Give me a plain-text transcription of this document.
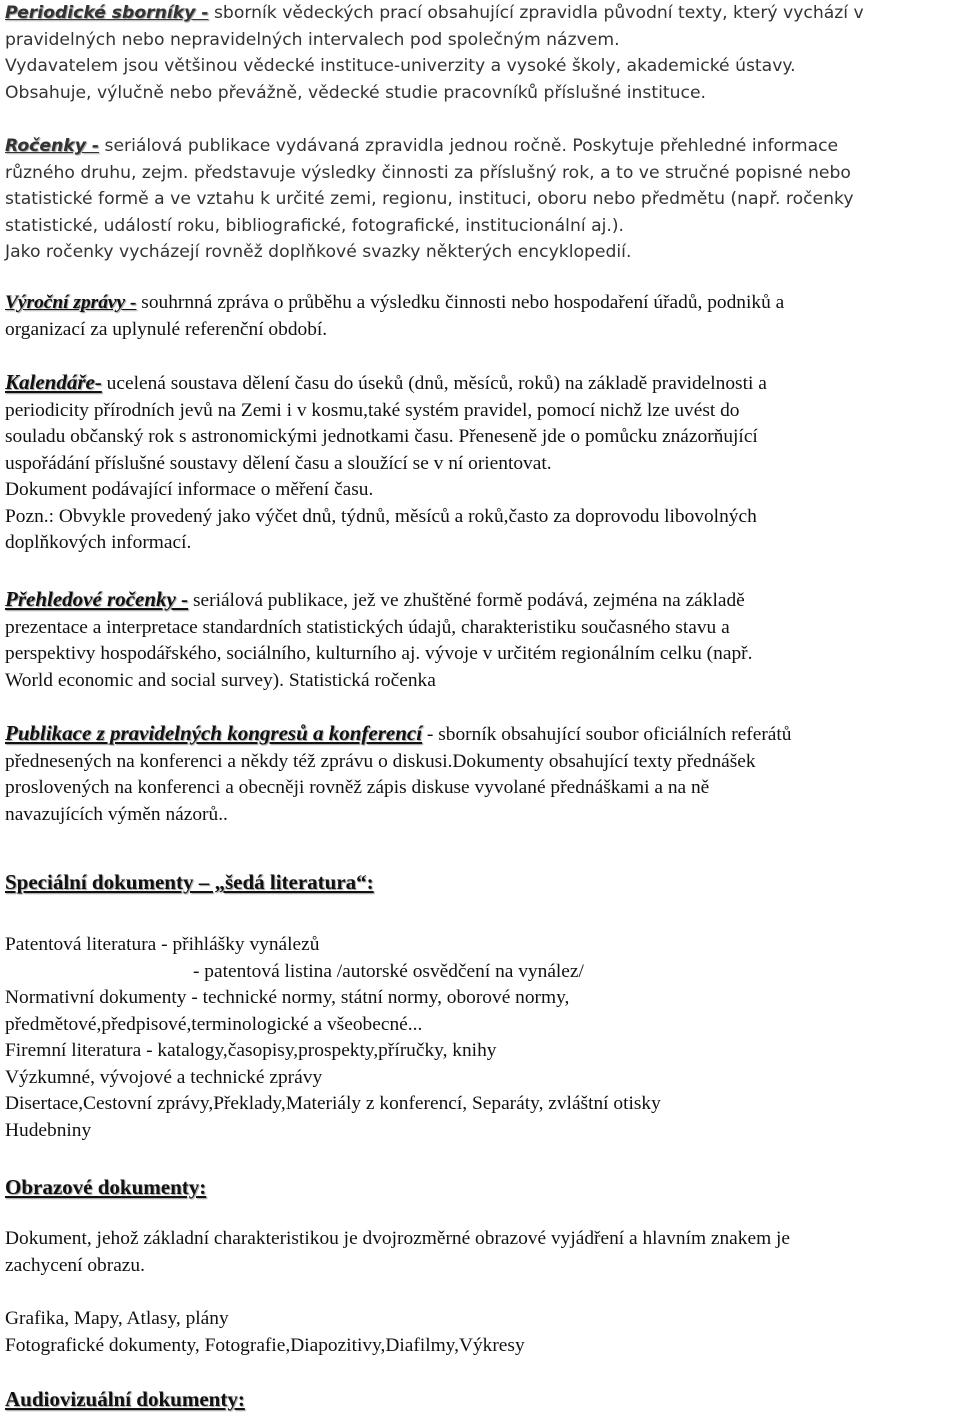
Periodické sborníky - sborník vědeckých prací obsahující zpravidla původní texty, který vychází v
pravidelných nebo nepravidelných intervalech pod společným názvem.
Vydavatelem jsou většinou vědecké instituce-univerzity a vysoké školy, akademické ústavy.
Obsahuje, výlučně nebo převážně, vědecké studie pracovníků příslušné instituce.
Ročenky - seriálová publikace vydávaná zpravidla jednou ročně. Poskytuje přehledné informace
různého druhu, zejm. představuje výsledky činnosti za příslušný rok, a to ve stručné popisné nebo
statistické formě a ve vztahu k určité zemi, regionu, instituci, oboru nebo předmětu (např. ročenky
statistické, událostí roku, bibliografické, fotografické, institucionální aj.).
Jako ročenky vycházejí rovněž doplňkové svazky některých encyklopedií.
Výroční zprávy - souhrnná zpráva o průběhu a výsledku činnosti nebo hospodaření úřadů, podniků a
organizací za uplynulé referenční období.
Kalendáře- ucelená soustava dělení času do úseků (dnů, měsíců, roků) na základě pravidelnosti a
periodicity přírodních jevů na Zemi i v kosmu,také systém pravidel, pomocí nichž lze uvést do
souladu občanský rok s astronomickými jednotkami času. Přeneseně jde o pomůcku znázorňující
uspořádání příslušné soustavy dělení času a sloužící se v ní orientovat.
Dokument podávající informace o měření času.
Pozn.: Obvykle provedený jako výčet dnů, týdnů, měsíců a roků,často za doprovodu libovolných
doplňkových informací.
Přehledové ročenky - seriálová publikace, jež ve zhuštěné formě podává, zejména na základě
prezentace a interpretace standardních statistických údajů, charakteristiku současného stavu a
perspektivy hospodářského, sociálního, kulturního aj. vývoje v určitém regionálním celku (např.
World economic and social survey). Statistická ročenka
Publikace z pravidelných kongresů a konferencí - sborník obsahující soubor oficiálních referátů
přednesených na konferenci a někdy též zprávu o diskusi.Dokumenty obsahující texty přednášek
proslovených na konferenci a obecněji rovněž zápis diskuse vyvolané přednáškami a na ně
navazujících výměn názorů..
Speciální dokumenty – „šedá literatura“:
Patentová literatura - přihlášky vynálezů
- patentová listina /autorské osvědčení na vynález/
Normativní dokumenty - technické normy, státní normy, oborové normy,
předmětové,předpisové,terminologické a všeobecné...
Firemní literatura - katalogy,časopisy,prospekty,příručky, knihy
Výzkumné, vývojové a technické zprávy
Disertace,Cestovní zprávy,Překlady,Materiály z konferencí, Separáty, zvláštní otisky
Hudebniny
Obrazové dokumenty:
Dokument, jehož základní charakteristikou je dvojrozměrné obrazové vyjádření a hlavním znakem je
zachycení obrazu.
Grafika, Mapy, Atlasy, plány
Fotografické dokumenty, Fotografie,Diapozitivy,Diafilmy,Výkresy
Audiovizuální dokumenty:
